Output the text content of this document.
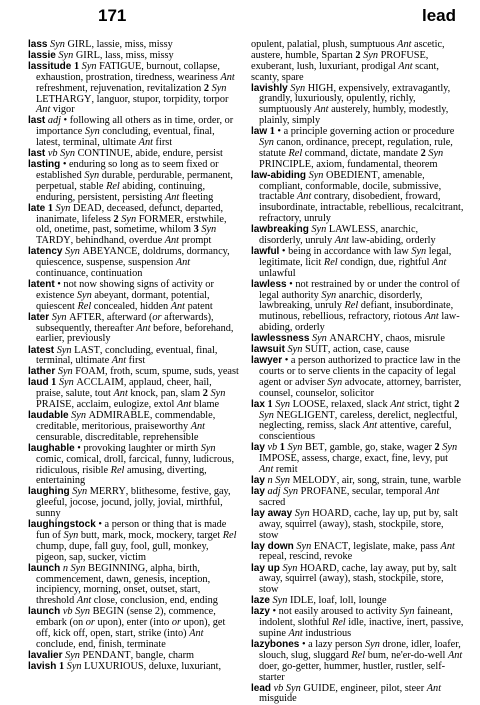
171	lead
lass Syn GIRL, lassie, miss, missy
lassie Syn GIRL, lass, miss, missy
lassitude 1 Syn FATIGUE, burnout, collapse, exhaustion, prostration, tiredness, weariness Ant refreshment, rejuvenation, revitalization 2 Syn LETHARGY, languor, stupor, torpidity, torpor Ant vigor
last adj • following all others as in time, order, or importance Syn concluding, eventual, final, latest, terminal, ultimate Ant first
last vb Syn CONTINUE, abide, endure, persist
lasting • enduring so long as to seem fixed or established Syn durable, perdurable, permanent, perpetual, stable Rel abiding, continuing, enduring, persistent, persisting Ant fleeting
late 1 Syn DEAD, deceased, defunct, departed, inanimate, lifeless 2 Syn FORMER, erstwhile, old, onetime, past, sometime, whilom 3 Syn TARDY, behindhand, overdue Ant prompt
latency Syn ABEYANCE, doldrums, dormancy, quiescence, suspense, suspension Ant continuance, continuation
latent • not now showing signs of activity or existence Syn abeyant, dormant, potential, quiescent Rel concealed, hidden Ant patent
later Syn AFTER, afterward (or afterwards), subsequently, thereafter Ant before, beforehand, earlier, previously
latest Syn LAST, concluding, eventual, final, terminal, ultimate Ant first
lather Syn FOAM, froth, scum, spume, suds, yeast
laud 1 Syn ACCLAIM, applaud, cheer, hail, praise, salute, tout Ant knock, pan, slam 2 Syn PRAISE, acclaim, eulogize, extol Ant blame
laudable Syn ADMIRABLE, commendable, creditable, meritorious, praiseworthy Ant censurable, discreditable, reprehensible
laughable • provoking laughter or mirth Syn comic, comical, droll, farcical, funny, ludicrous, ridiculous, risible Rel amusing, diverting, entertaining
laughing Syn MERRY, blithesome, festive, gay, gleeful, jocose, jocund, jolly, jovial, mirthful, sunny
laughingstock • a person or thing that is made fun of Syn butt, mark, mock, mockery, target Rel chump, dupe, fall guy, fool, gull, monkey, pigeon, sap, sucker, victim
launch n Syn BEGINNING, alpha, birth, commencement, dawn, genesis, inception, incipiency, morning, onset, outset, start, threshold Ant close, conclusion, end, ending
launch vb Syn BEGIN (sense 2), commence, embark (on or upon), enter (into or upon), get off, kick off, open, start, strike (into) Ant conclude, end, finish, terminate
lavalier Syn PENDANT, bangle, charm
lavish 1 Syn LUXURIOUS, deluxe, luxuriant,
opulent, palatial, plush, sumptuous Ant ascetic, austere, humble, Spartan 2 Syn PROFUSE, exuberant, lush, luxuriant, prodigal Ant scant, scanty, spare
lavishly Syn HIGH, expensively, extravagantly, grandly, luxuriously, opulently, richly, sumptuously Ant austerely, humbly, modestly, plainly, simply
law 1 • a principle governing action or procedure Syn canon, ordinance, precept, regulation, rule, statute Rel command, dictate, mandate 2 Syn PRINCIPLE, axiom, fundamental, theorem
law-abiding Syn OBEDIENT, amenable, compliant, conformable, docile, submissive, tractable Ant contrary, disobedient, froward, insubordinate, intractable, rebellious, recalcitrant, refractory, unruly
lawbreaking Syn LAWLESS, anarchic, disorderly, unruly Ant law-abiding, orderly
lawful • being in accordance with law Syn legal, legitimate, licit Rel condign, due, rightful Ant unlawful
lawless • not restrained by or under the control of legal authority Syn anarchic, disorderly, lawbreaking, unruly Rel defiant, insubordinate, mutinous, rebellious, refractory, riotous Ant law-abiding, orderly
lawlessness Syn ANARCHY, chaos, misrule
lawsuit Syn SUIT, action, case, cause
lawyer • a person authorized to practice law in the courts or to serve clients in the capacity of legal agent or adviser Syn advocate, attorney, barrister, counsel, counselor, solicitor
lax 1 Syn LOOSE, relaxed, slack Ant strict, tight 2 Syn NEGLIGENT, careless, derelict, neglectful, neglecting, remiss, slack Ant attentive, careful, conscientious
lay vb 1 Syn BET, gamble, go, stake, wager 2 Syn IMPOSE, assess, charge, exact, fine, levy, put Ant remit
lay n Syn MELODY, air, song, strain, tune, warble
lay adj Syn PROFANE, secular, temporal Ant sacred
lay away Syn HOARD, cache, lay up, put by, salt away, squirrel (away), stash, stockpile, store, stow
lay down Syn ENACT, legislate, make, pass Ant repeal, rescind, revoke
lay up Syn HOARD, cache, lay away, put by, salt away, squirrel (away), stash, stockpile, store, stow
laze Syn IDLE, loaf, loll, lounge
lazy • not easily aroused to activity Syn faineant, indolent, slothful Rel idle, inactive, inert, passive, supine Ant industrious
lazybones • a lazy person Syn drone, idler, loafer, slouch, slug, sluggard Rel bum, ne'er-do-well Ant doer, go-getter, hummer, hustler, rustler, self-starter
lead vb Syn GUIDE, engineer, pilot, steer Ant misguide
